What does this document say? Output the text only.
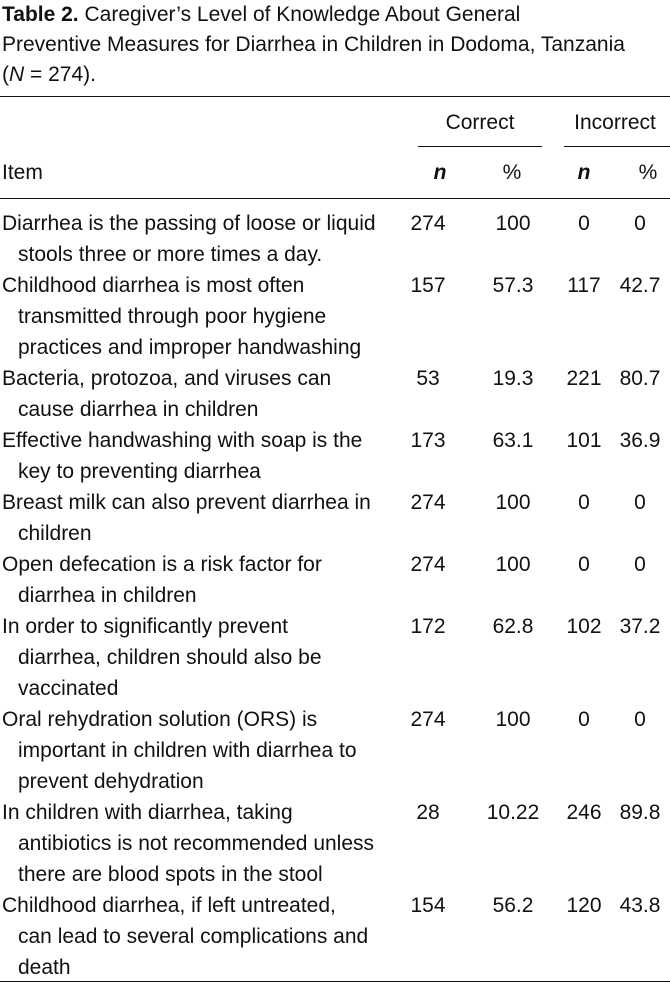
Table 2. Caregiver’s Level of Knowledge About General
Preventive Measures for Diarrhea in Children in Dodoma, Tanzania
(N = 274).
Correct	Incorrect
Item	n	%	n	%
Diarrhea is the passing of loose or liquid
stools three or more times a day.
274	100	0	0
Childhood diarrhea is most often
transmitted through poor hygiene
practices and improper handwashing
157	57.3	117 42.7
Bacteria, protozoa, and viruses can
cause diarrhea in children
53	19.3	221 80.7
Effective handwashing with soap is the
key to preventing diarrhea
173	63.1	101 36.9
Breast milk can also prevent diarrhea in
children
274	100	0	0
Open defecation is a risk factor for
diarrhea in children
274	100	0	0
In order to significantly prevent
diarrhea, children should also be
vaccinated
172	62.8	102 37.2
Oral rehydration solution (ORS) is
important in children with diarrhea to
prevent dehydration
274	100	0	0
In children with diarrhea, taking
antibiotics is not recommended unless
there are blood spots in the stool
28	10.22	246 89.8
Childhood diarrhea, if left untreated,
can lead to several complications and
death
154	56.2	120 43.8
